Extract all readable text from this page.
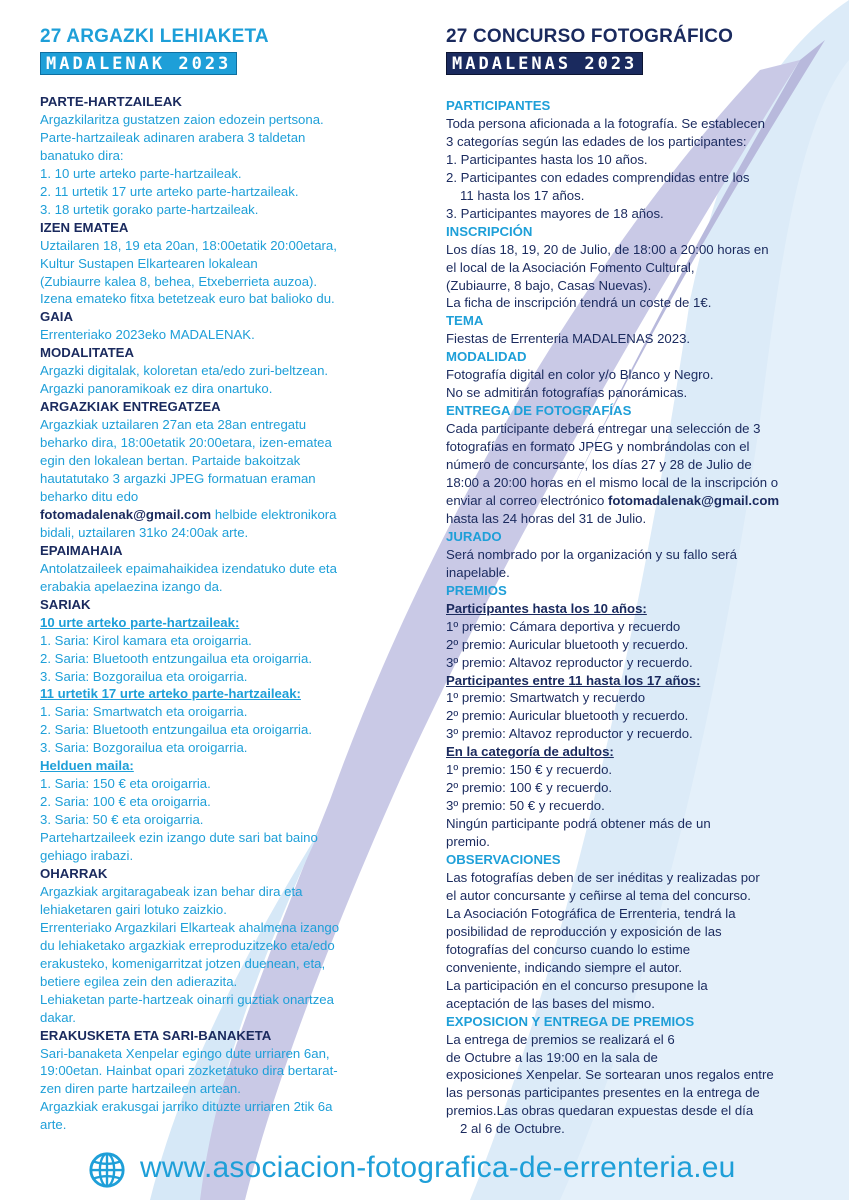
27 ARGAZKI LEHIAKETA
MADALENAK 2023
PARTE-HARTZAILEAK
Argazkilaritza gustatzen zaion edozein pertsona.
Parte-hartzaileak adinaren arabera 3 taldetan
banatuko dira:
1. 10 urte arteko parte-hartzaileak.
2. 11 urtetik 17 urte arteko parte-hartzaileak.
3. 18 urtetik gorako parte-hartzaileak.
IZEN EMATEA
Uztailaren 18, 19 eta 20an, 18:00etatik 20:00etara,
Kultur Sustapen Elkartearen lokalean
(Zubiaurre kalea 8, behea, Etxeberrieta auzoa).
Izena emateko fitxa betetzeak euro bat balioko du.
GAIA
Errenteriako 2023eko MADALENAK.
MODALITATEA
Argazki digitalak, koloretan eta/edo zuri-beltzean.
Argazki panoramikoak ez dira onartuko.
ARGAZKIAK ENTREGATZEA
Argazkiak uztailaren 27an eta 28an entregatu
beharko dira, 18:00etatik 20:00etara, izen-ematea
egin den lokalean bertan. Partaide bakoitzak
hautatutako 3 argazki JPEG formatuan eraman
beharko ditu edo
fotomadalenak@gmail.com helbide elektronikora
bidali, uztailaren 31ko 24:00ak arte.
EPAIMAHAIA
Antolatzaileek epaimahaikidea izendatuko dute eta
erabakia apelaezina izango da.
SARIAK
10 urte arteko parte-hartzaileak:
1. Saria: Kirol kamara eta oroigarria.
2. Saria: Bluetooth entzungailua eta oroigarria.
3. Saria: Bozgorailua eta oroigarria.
11 urtetik 17 urte arteko parte-hartzaileak:
1. Saria: Smartwatch eta oroigarria.
2. Saria: Bluetooth entzungailua eta oroigarria.
3. Saria: Bozgorailua eta oroigarria.
Helduen maila:
1. Saria: 150 € eta oroigarria.
2. Saria: 100 € eta oroigarria.
3. Saria: 50 € eta oroigarria.
Partehartzaileek ezin izango dute sari bat baino
gehiago irabazi.
OHARRAK
Argazkiak argitaragabeak izan behar dira eta
lehiaketaren gairi lotuko zaizkio.
Errenteriako Argazkilari Elkarteak ahalmena izango
du lehiaketako argazkiak erreproduzitzeko eta/edo
erakusteko, komenigarritzat jotzen duenean, eta,
betiere egilea zein den adierazita.
Lehiaketan parte-hartzeak oinarri guztiak onartzea
dakar.
ERAKUSKETA ETA SARI-BANAKETA
Sari-banaketa Xenpelar egingo dute urriaren 6an,
19:00etan. Hainbat opari zozketatuko dira bertarat-
zen diren parte hartzaileen artean.
Argazkiak erakusgai jarriko dituzte urriaren 2tik 6a
arte.
27 CONCURSO FOTOGRÁFICO
MADALENAS 2023
PARTICIPANTES
Toda persona aficionada a la fotografía. Se establecen
3 categorías según las edades de los participantes:
1. Participantes hasta los 10 años.
2. Participantes con edades comprendidas entre los
11 hasta los 17 años.
3. Participantes mayores de 18 años.
INSCRIPCIÓN
Los días 18, 19, 20 de Julio, de 18:00 a 20:00 horas en
el local de la Asociación Fomento Cultural,
(Zubiaurre, 8 bajo, Casas Nuevas).
La ficha de inscripción tendrá un coste de 1€.
TEMA
Fiestas de Errenteria MADALENAS 2023.
MODALIDAD
Fotografía digital en color y/o Blanco y Negro.
No se admitirán fotografías panorámicas.
ENTREGA DE FOTOGRAFÍAS
Cada participante deberá entregar una selección de 3
fotografías en formato JPEG y nombrándolas con el
número de concursante, los días 27 y 28 de Julio de
18:00 a 20:00 horas en el mismo local de la inscripción o
enviar al correo electrónico fotomadalenak@gmail.com
hasta las 24 horas del 31 de Julio.
JURADO
Será nombrado por la organización y su fallo será
inapelable.
PREMIOS
Participantes hasta los 10 años:
1º premio: Cámara deportiva y recuerdo
2º premio: Auricular bluetooth y recuerdo.
3º premio: Altavoz reproductor y recuerdo.
Participantes entre 11 hasta los 17 años:
1º premio: Smartwatch y recuerdo
2º premio: Auricular bluetooth y recuerdo.
3º premio: Altavoz reproductor y recuerdo.
En la categoría de adultos:
1º premio: 150 € y recuerdo.
2º premio: 100 € y recuerdo.
3º premio: 50 € y recuerdo.
Ningún participante podrá obtener más de un
premio.
OBSERVACIONES
Las fotografías deben de ser inéditas y realizadas por
el autor concursante y ceñirse al tema del concurso.
La Asociación Fotográfica de Errenteria, tendrá la
posibilidad de reproducción y exposición de las
fotografías del concurso cuando lo estime
conveniente, indicando siempre el autor.
La participación en el concurso presupone la
aceptación de las bases del mismo.
EXPOSICION Y ENTREGA DE PREMIOS
La entrega de premios se realizará el 6
de Octubre a las 19:00 en la sala de
exposiciones Xenpelar. Se sortearan unos regalos entre
las personas participantes presentes en la entrega de
premios.Las obras quedaran expuestas desde el día
2 al 6 de Octubre.
www.asociacion-fotografica-de-errenteria.eu
